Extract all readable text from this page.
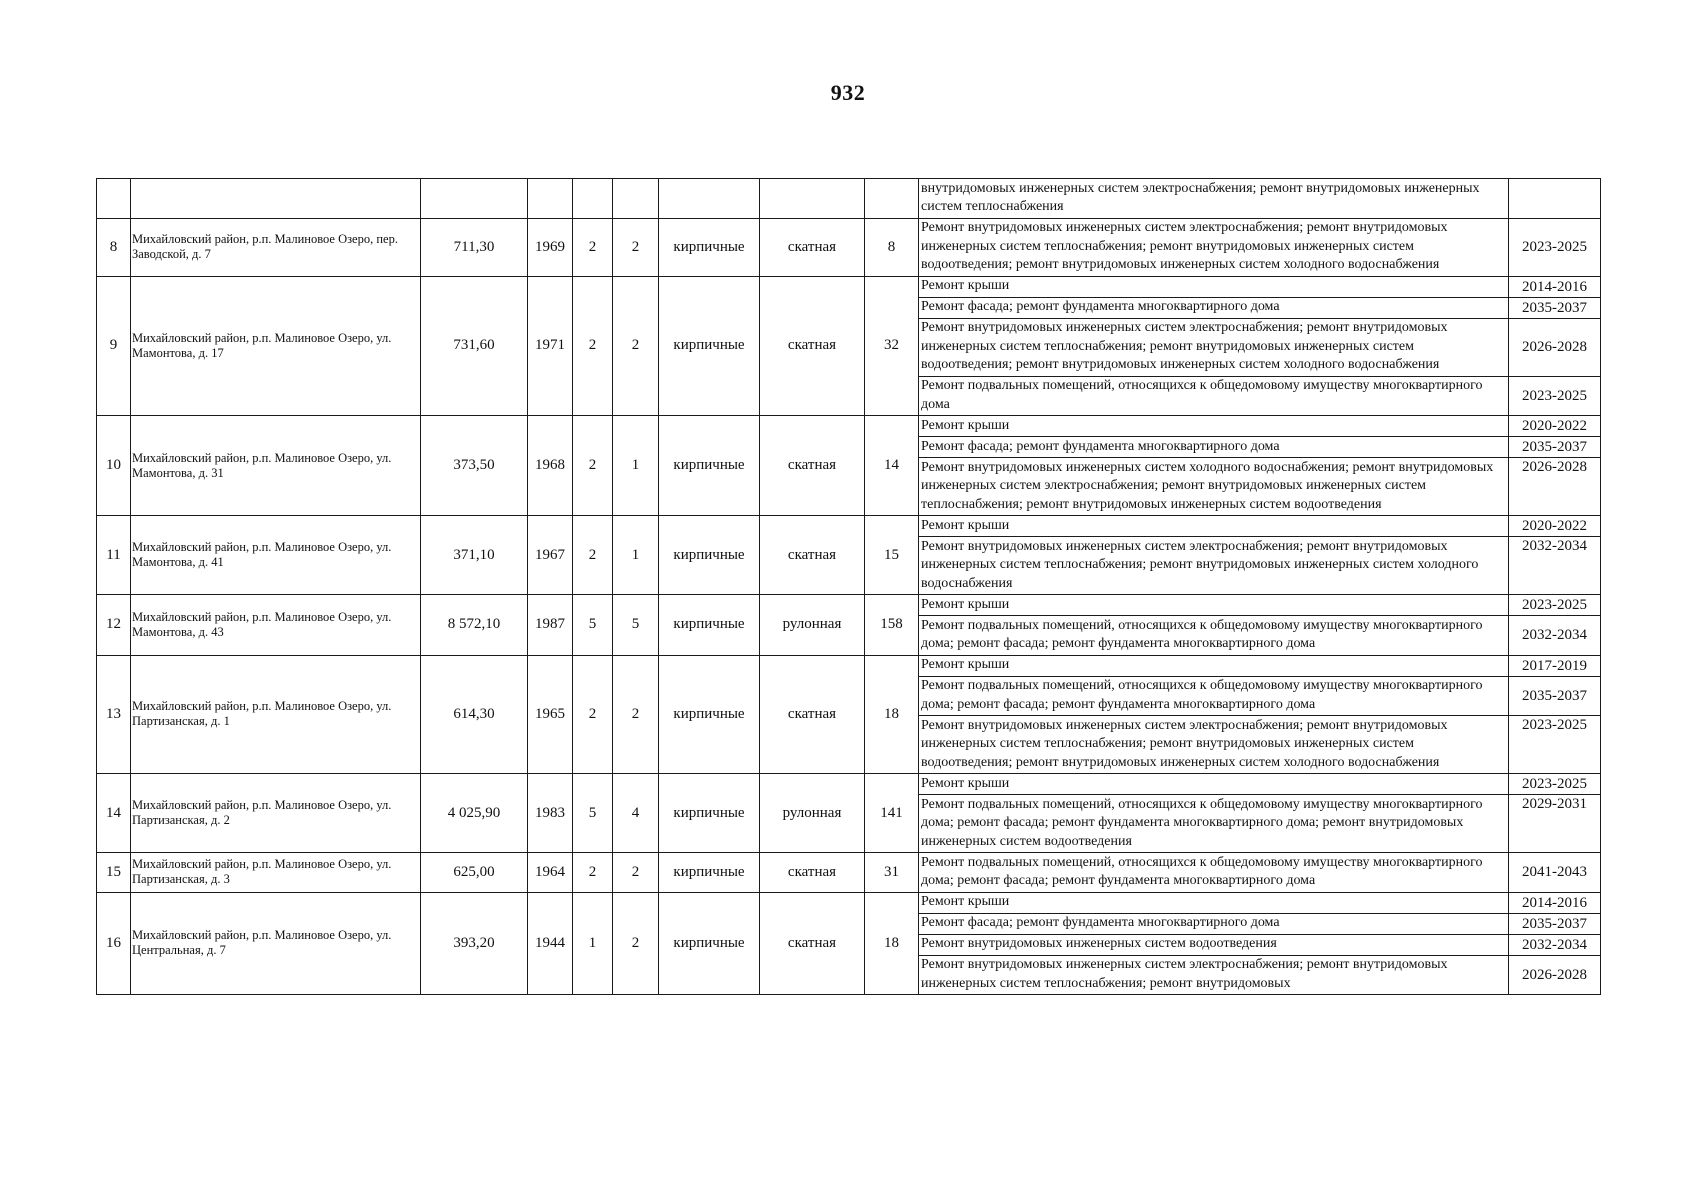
932
									внутридомовых инженерных систем электроснабжения; ремонт внутридомовых инженерных систем теплоснабжения	
8	Михайловский район, р.п. Малиновое Озеро, пер. Заводской, д. 7	711,30	1969	2	2	кирпичные	скатная	8	Ремонт внутридомовых инженерных систем электроснабжения; ремонт внутридомовых инженерных систем теплоснабжения; ремонт внутридомовых инженерных систем водоотведения; ремонт внутридомовых инженерных систем холодного водоснабжения	2023-2025
9	Михайловский район, р.п. Малиновое Озеро, ул. Мамонтова, д. 17	731,60	1971	2	2	кирпичные	скатная	32	Ремонт крыши	2014-2016
									Ремонт фасада; ремонт фундамента многоквартирного дома	2035-2037
									Ремонт внутридомовых инженерных систем электроснабжения; ремонт внутридомовых инженерных систем теплоснабжения; ремонт внутридомовых инженерных систем водоотведения; ремонт внутридомовых инженерных систем холодного водоснабжения	2026-2028
									Ремонт подвальных помещений, относящихся к общедомовому имуществу многоквартирного дома	2023-2025
10	Михайловский район, р.п. Малиновое Озеро, ул. Мамонтова, д. 31	373,50	1968	2	1	кирпичные	скатная	14	Ремонт крыши	2020-2022
									Ремонт фасада; ремонт фундамента многоквартирного дома	2035-2037
									Ремонт внутридомовых инженерных систем холодного водоснабжения; ремонт внутридомовых инженерных систем электроснабжения; ремонт внутридомовых инженерных систем теплоснабжения; ремонт внутридомовых инженерных систем водоотведения	2026-2028
11	Михайловский район, р.п. Малиновое Озеро, ул. Мамонтова, д. 41	371,10	1967	2	1	кирпичные	скатная	15	Ремонт крыши	2020-2022
									Ремонт внутридомовых инженерных систем электроснабжения; ремонт внутридомовых инженерных систем теплоснабжения; ремонт внутридомовых инженерных систем холодного водоснабжения	2032-2034
12	Михайловский район, р.п. Малиновое Озеро, ул. Мамонтова, д. 43	8 572,10	1987	5	5	кирпичные	рулонная	158	Ремонт крыши	2023-2025
									Ремонт подвальных помещений, относящихся к общедомовому имуществу многоквартирного дома; ремонт фасада; ремонт фундамента многоквартирного дома	2032-2034
13	Михайловский район, р.п. Малиновое Озеро, ул. Партизанская, д. 1	614,30	1965	2	2	кирпичные	скатная	18	Ремонт крыши	2017-2019
									Ремонт подвальных помещений, относящихся к общедомовому имуществу многоквартирного дома; ремонт фасада; ремонт фундамента многоквартирного дома	2035-2037
									Ремонт внутридомовых инженерных систем электроснабжения; ремонт внутридомовых инженерных систем теплоснабжения; ремонт внутридомовых инженерных систем водоотведения; ремонт внутридомовых инженерных систем холодного водоснабжения	2023-2025
14	Михайловский район, р.п. Малиновое Озеро, ул. Партизанская, д. 2	4 025,90	1983	5	4	кирпичные	рулонная	141	Ремонт крыши	2023-2025
									Ремонт подвальных помещений, относящихся к общедомовому имуществу многоквартирного дома; ремонт фасада; ремонт фундамента многоквартирного дома; ремонт внутридомовых инженерных систем водоотведения	2029-2031
15	Михайловский район, р.п. Малиновое Озеро, ул. Партизанская, д. 3	625,00	1964	2	2	кирпичные	скатная	31	Ремонт подвальных помещений, относящихся к общедомовому имуществу многоквартирного дома; ремонт фасада; ремонт фундамента многоквартирного дома	2041-2043
16	Михайловский район, р.п. Малиновое Озеро, ул. Центральная, д. 7	393,20	1944	1	2	кирпичные	скатная	18	Ремонт крыши	2014-2016
									Ремонт фасада; ремонт фундамента многоквартирного дома	2035-2037
									Ремонт внутридомовых инженерных систем водоотведения	2032-2034
									Ремонт внутридомовых инженерных систем электроснабжения; ремонт внутридомовых инженерных систем теплоснабжения; ремонт внутридомовых	2026-2028
